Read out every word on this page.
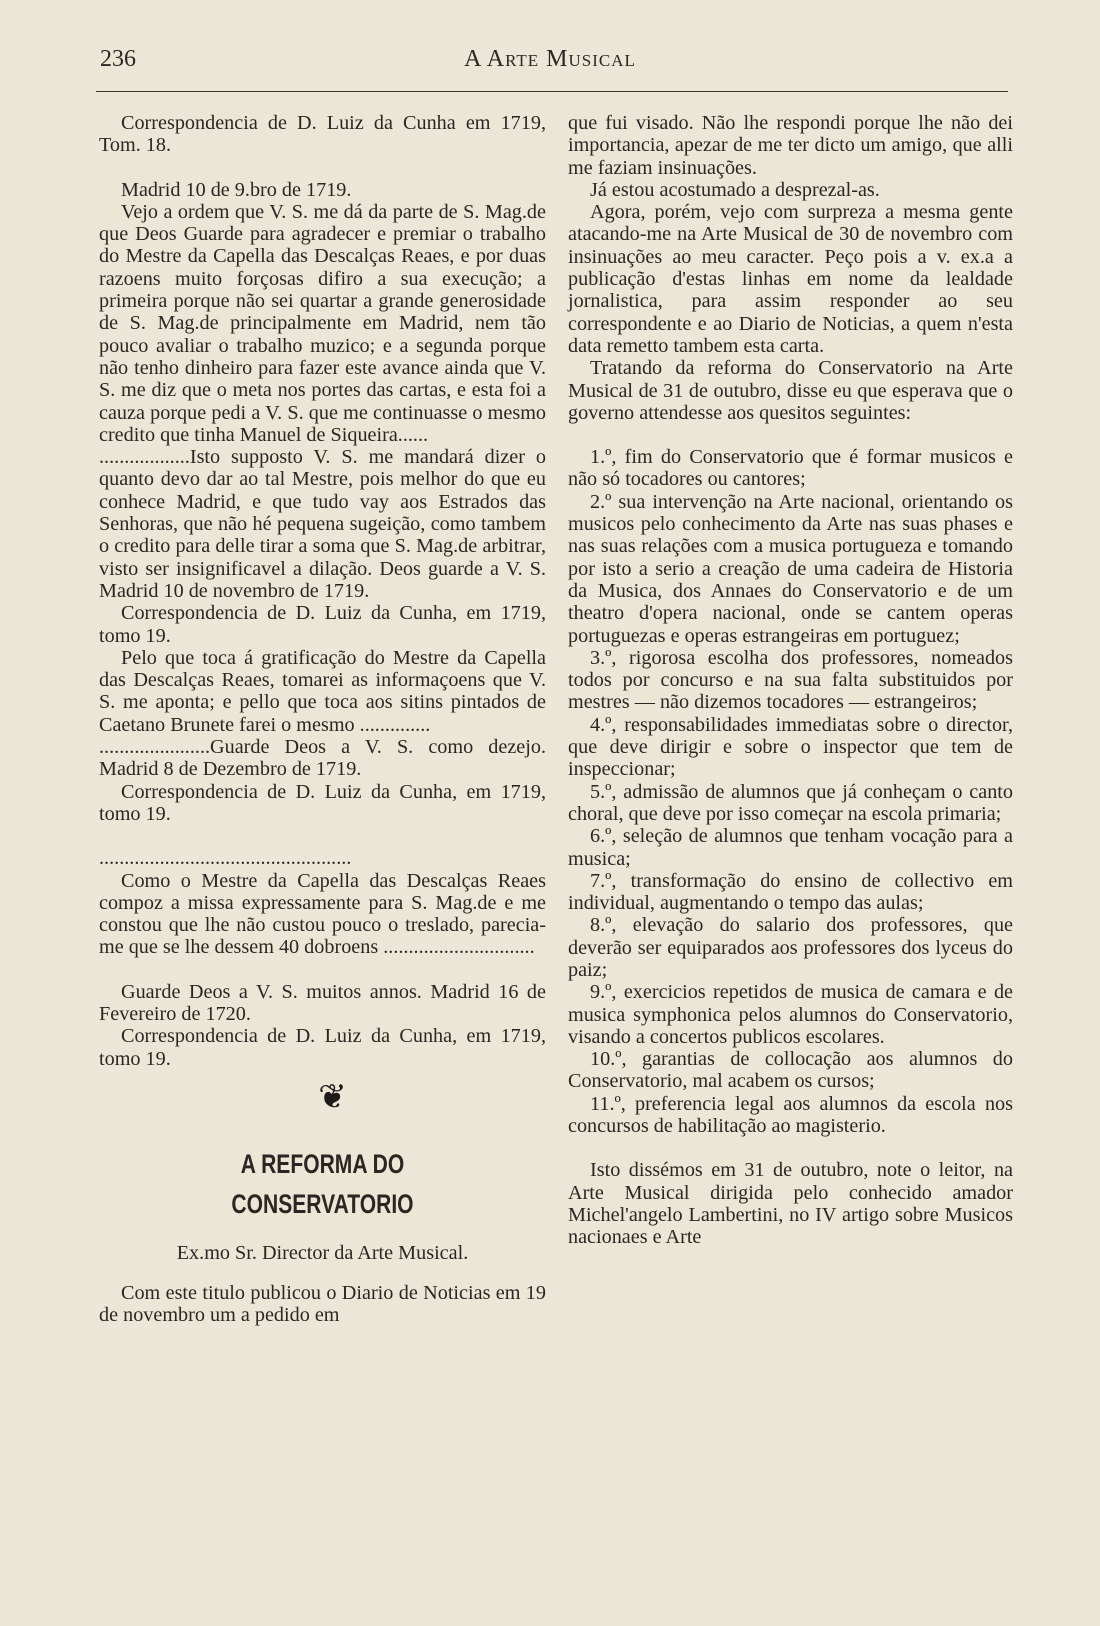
236	A Arte Musical

Correspondencia de D. Luiz da Cunha em 1719, Tom. 18.

Madrid 10 de 9.bro de 1719.

Vejo a ordem que V. S. me dá da parte de S. Mag.de que Deos Guarde para agradecer e premiar o trabalho do Mestre da Capella das Descalças Reaes, e por duas razoens muito forçosas difiro a sua execução; a primeira porque não sei quartar a grande generosidade de S. Mag.de principalmente em Madrid, nem tão pouco avaliar o trabalho muzico; e a segunda porque não tenho dinheiro para fazer este avance ainda que V. S. me diz que o meta nos portes das cartas, e esta foi a cauza porque pedi a V. S. que me continuasse o mesmo credito que tinha Manuel de Siqueira......

..................Isto supposto V. S. me mandará dizer o quanto devo dar ao tal Mestre, pois melhor do que eu conhece Madrid, e que tudo vay aos Estrados das Senhoras, que não hé pequena sugeição, como tambem o credito para delle tirar a soma que S. Mag.de arbitrar, visto ser insignificavel a dilação. Deos guarde a V. S. Madrid 10 de novembro de 1719.

Correspondencia de D. Luiz da Cunha, em 1719, tomo 19.

Pelo que toca á gratificação do Mestre da Capella das Descalças Reaes, tomarei as informaçoens que V. S. me aponta; e pello que toca aos sitins pintados de Caetano Brunete farei o mesmo ..............

......................Guarde Deos a V. S. como dezejo. Madrid 8 de Dezembro de 1719.

Correspondencia de D. Luiz da Cunha, em 1719, tomo 19.

..................................................

Como o Mestre da Capella das Descalças Reaes compoz a missa expressamente para S. Mag.de e me constou que lhe não custou pouco o treslado, parecia-me que se lhe dessem 40 dobroens ..............................

Guarde Deos a V. S. muitos annos. Madrid 16 de Fevereiro de 1720.

Correspondencia de D. Luiz da Cunha, em 1719, tomo 19.

❦
A REFORMA DO CONSERVATORIO

Ex.mo Sr. Director da Arte Musical.

Com este titulo publicou o Diario de Noticias em 19 de novembro um a pedido em

que fui visado. Não lhe respondi porque lhe não dei importancia, apezar de me ter dicto um amigo, que alli me faziam insinuações.

Já estou acostumado a desprezal-as.

Agora, porém, vejo com surpreza a mesma gente atacando-me na Arte Musical de 30 de novembro com insinuações ao meu caracter. Peço pois a v. ex.a a publicação d'estas linhas em nome da lealdade jornalistica, para assim responder ao seu correspondente e ao Diario de Noticias, a quem n'esta data remetto tambem esta carta.

Tratando da reforma do Conservatorio na Arte Musical de 31 de outubro, disse eu que esperava que o governo attendesse aos quesitos seguintes:

1.º, fim do Conservatorio que é formar musicos e não só tocadores ou cantores;

2.º sua intervenção na Arte nacional, orientando os musicos pelo conhecimento da Arte nas suas phases e nas suas relações com a musica portugueza e tomando por isto a serio a creação de uma cadeira de Historia da Musica, dos Annaes do Conservatorio e de um theatro d'opera nacional, onde se cantem operas portuguezas e operas estrangeiras em portuguez;

3.º, rigorosa escolha dos professores, nomeados todos por concurso e na sua falta substituidos por mestres — não dizemos tocadores — estrangeiros;

4.º, responsabilidades immediatas sobre o director, que deve dirigir e sobre o inspector que tem de inspeccionar;

5.º, admissão de alumnos que já conheçam o canto choral, que deve por isso começar na escola primaria;

6.º, seleção de alumnos que tenham vocação para a musica;

7.º, transformação do ensino de collectivo em individual, augmentando o tempo das aulas;

8.º, elevação do salario dos professores, que deverão ser equiparados aos professores dos lyceus do paiz;

9.º, exercicios repetidos de musica de camara e de musica symphonica pelos alumnos do Conservatorio, visando a concertos publicos escolares.

10.º, garantias de collocação aos alumnos do Conservatorio, mal acabem os cursos;

11.º, preferencia legal aos alumnos da escola nos concursos de habilitação ao magisterio.

Isto dissémos em 31 de outubro, note o leitor, na Arte Musical dirigida pelo conhecido amador Michel'angelo Lambertini, no IV artigo sobre Musicos nacionaes e Arte
